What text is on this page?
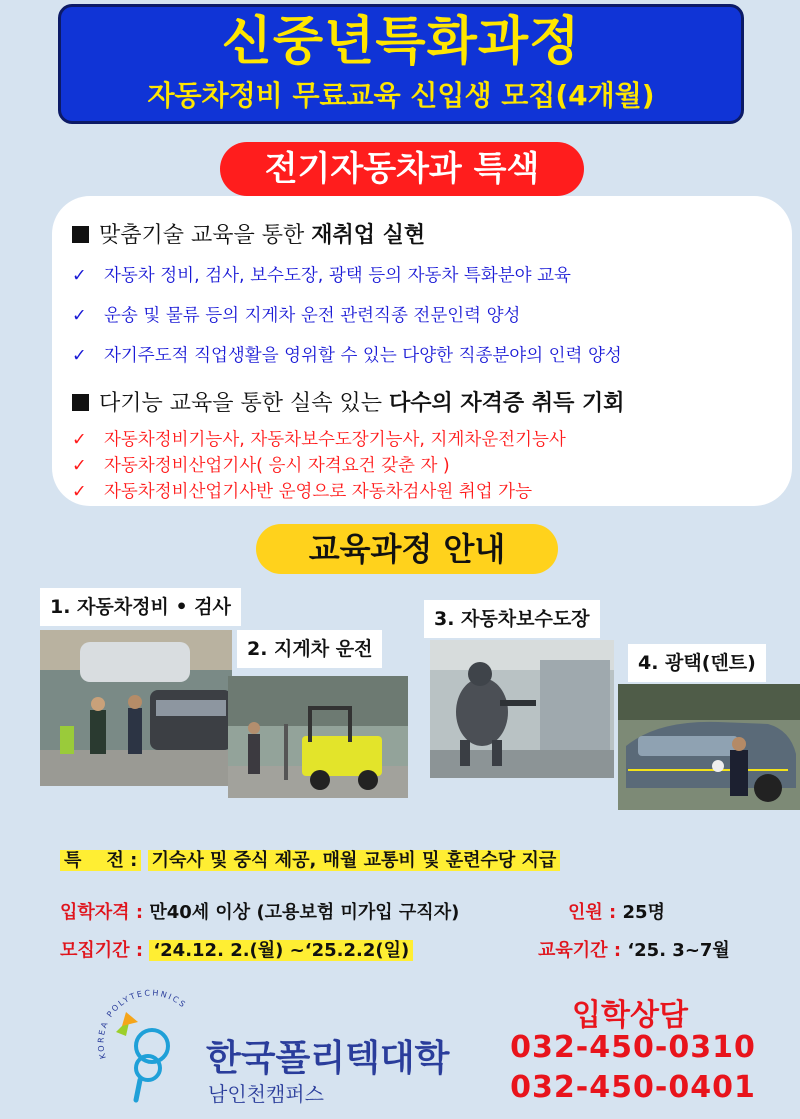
신중년특화과정
자동차정비 무료교육 신입생 모집(4개월)
맞춤기술 교육을 통한 재취업 실현
✓ 자동차 정비, 검사, 보수도장, 광택 등의 자동차 특화분야 교육
✓ 운송 및 물류 등의 지게차 운전 관련직종 전문인력 양성
✓ 자기주도적 직업생활을 영위할 수 있는 다양한 직종분야의 인력 양성
다기능 교육을 통한 실속 있는 다수의 자격증 취득 기회
✓ 자동차정비기능사, 자동차보수도장기능사, 지게차운전기능사
✓ 자동차정비산업기사( 응시 자격요건 갖춘 자 )
✓ 자동차정비산업기사반 운영으로 자동차검사원 취업 가능
전기자동차과 특색
교육과정 안내
1. 자동차정비 • 검사
2. 지게차 운전
3. 자동차보수도장
4. 광택(덴트)
특    전 : 기숙사 및 중식 제공, 매월 교통비 및 훈련수당 지급
입학자격 : 만40세 이상 (고용보험 미가입 구직자)	인원 : 25명
모집기간 : ‘24.12. 2.(월) ~‘25.2.2(일)	교육기간 : ‘25. 3~7월
KOREA POLYTECHNICS
한국폴리텍대학
남인천캠퍼스
입학상담
032-450-0310
032-450-0401
